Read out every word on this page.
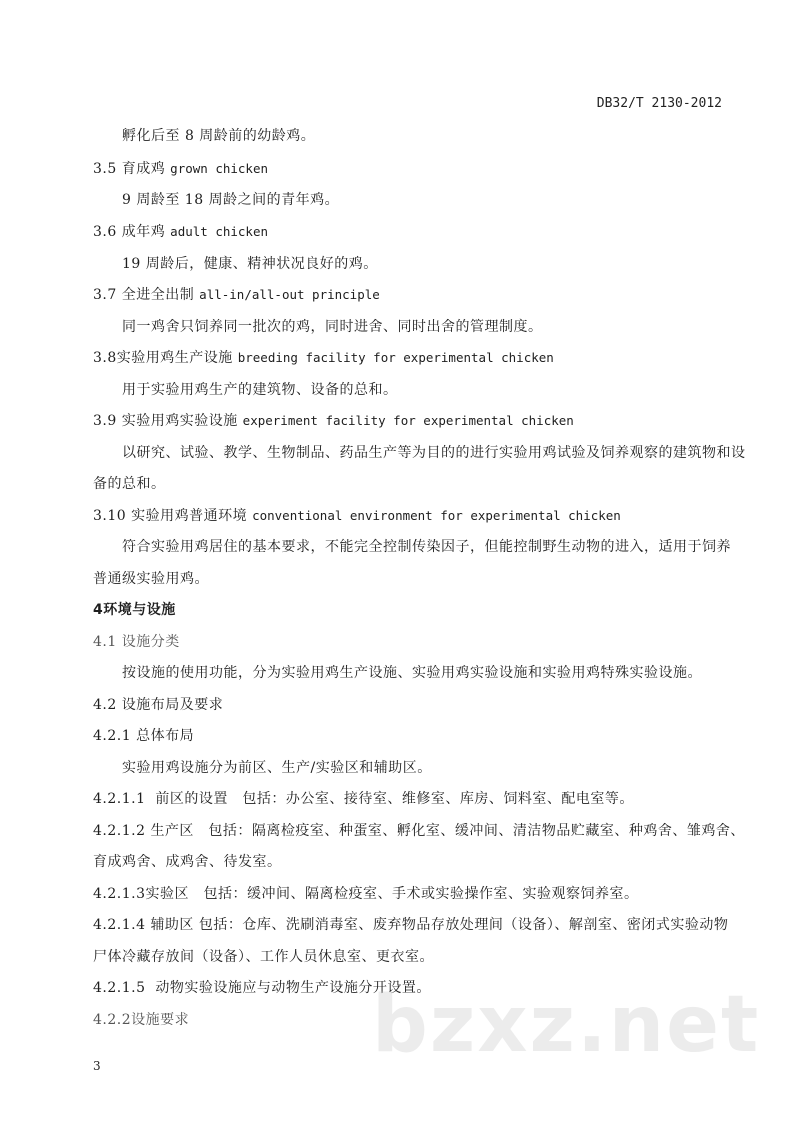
DB32/T 2130-2012
孵化后至 8 周龄前的幼龄鸡。
3.5 育成鸡 grown chicken
9 周龄至 18 周龄之间的青年鸡。
3.6 成年鸡 adult chicken
19 周龄后，健康、精神状况良好的鸡。
3.7 全进全出制 all-in/all-out principle
同一鸡舍只饲养同一批次的鸡，同时进舍、同时出舍的管理制度。
3.8实验用鸡生产设施 breeding facility for experimental chicken
用于实验用鸡生产的建筑物、设备的总和。
3.9 实验用鸡实验设施 experiment facility for experimental chicken
以研究、试验、教学、生物制品、药品生产等为目的的进行实验用鸡试验及饲养观察的建筑物和设
备的总和。
3.10 实验用鸡普通环境 conventional environment for experimental chicken
符合实验用鸡居住的基本要求，不能完全控制传染因子，但能控制野生动物的进入，适用于饲养
普通级实验用鸡。
4环境与设施
4.1 设施分类
按设施的使用功能，分为实验用鸡生产设施、实验用鸡实验设施和实验用鸡特殊实验设施。
4.2 设施布局及要求
4.2.1 总体布局
实验用鸡设施分为前区、生产/实验区和辅助区。
4.2.1.1 前区的设置　包括：办公室、接待室、维修室、库房、饲料室、配电室等。
4.2.1.2 生产区　包括：隔离检疫室、种蛋室、孵化室、缓冲间、清洁物品贮藏室、种鸡舍、雏鸡舍、
育成鸡舍、成鸡舍、待发室。
4.2.1.3实验区　包括：缓冲间、隔离检疫室、手术或实验操作室、实验观察饲养室。
4.2.1.4 辅助区 包括：仓库、洗刷消毒室、废弃物品存放处理间（设备）、解剖室、密闭式实验动物
尸体冷藏存放间（设备）、工作人员休息室、更衣室。
4.2.1.5 动物实验设施应与动物生产设施分开设置。
4.2.2设施要求 bzxz.net
3
